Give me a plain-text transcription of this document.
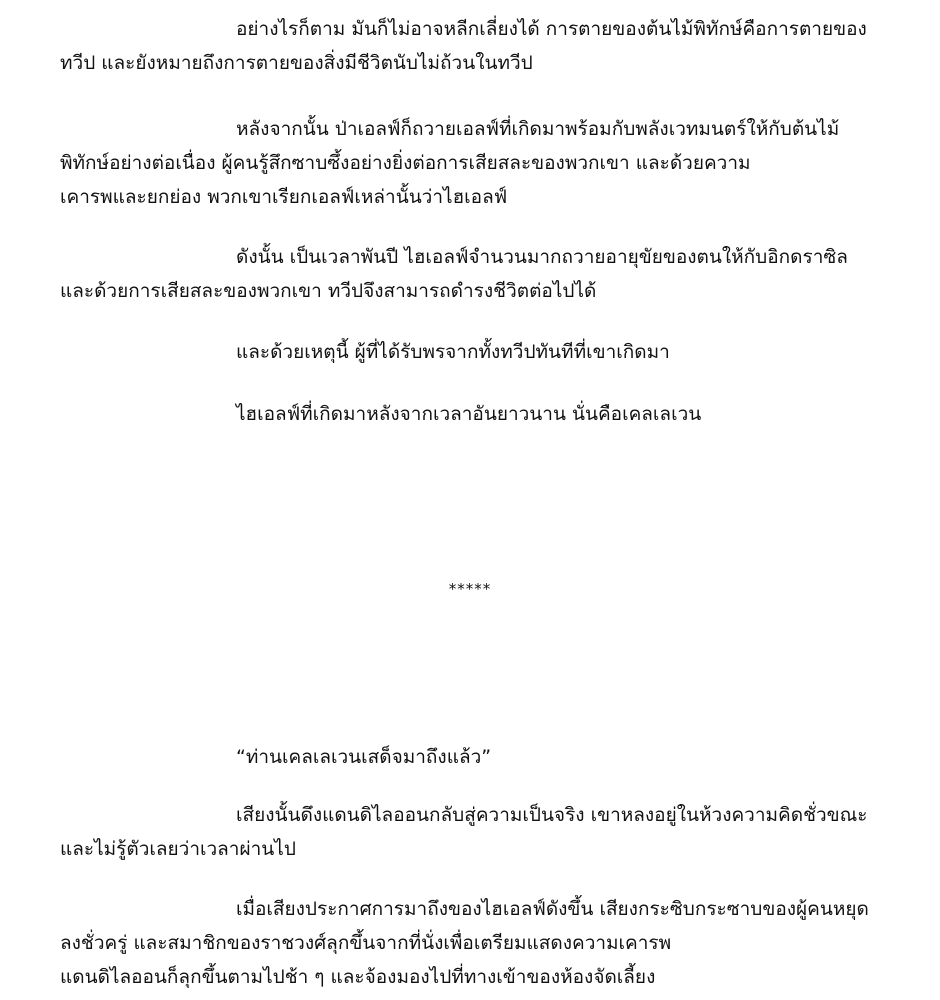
อย่างไรก็ตาม มันก็ไม่อาจหลีกเลี่ยงได้ การตายของต้นไม้พิทักษ์คือการตายของ
ทวีป และยังหมายถึงการตายของสิ่งมีชีวิตนับไม่ถ้วนในทวีป

หลังจากนั้น ป่าเอลฟ์ก็ถวายเอลฟ์ที่เกิดมาพร้อมกับพลังเวทมนตร์ให้กับต้นไม้
พิทักษ์อย่างต่อเนื่อง ผู้คนรู้สึกซาบซึ้งอย่างยิ่งต่อการเสียสละของพวกเขา และด้วยความ
เคารพและยกย่อง พวกเขาเรียกเอลฟ์เหล่านั้นว่าไฮเอลฟ์

ดังนั้น เป็นเวลาพันปี ไฮเอลฟ์จำนวนมากถวายอายุขัยของตนให้กับอิกดราซิล
และด้วยการเสียสละของพวกเขา ทวีปจึงสามารถดำรงชีวิตต่อไปได้

และด้วยเหตุนี้ ผู้ที่ได้รับพรจากทั้งทวีปทันทีที่เขาเกิดมา

ไฮเอลฟ์ที่เกิดมาหลังจากเวลาอันยาวนาน นั่นคือเคลเลเวน

*****

“ท่านเคลเลเวนเสด็จมาถึงแล้ว”

เสียงนั้นดึงแดนดิไลออนกลับสู่ความเป็นจริง เขาหลงอยู่ในห้วงความคิดชั่วขณะ
และไม่รู้ตัวเลยว่าเวลาผ่านไป

เมื่อเสียงประกาศการมาถึงของไฮเอลฟ์ดังขึ้น เสียงกระซิบกระซาบของผู้คนหยุด
ลงชั่วครู่ และสมาชิกของราชวงศ์ลุกขึ้นจากที่นั่งเพื่อเตรียมแสดงความเคารพ
แดนดิไลออนก็ลุกขึ้นตามไปช้า ๆ และจ้องมองไปที่ทางเข้าของห้องจัดเลี้ยง
